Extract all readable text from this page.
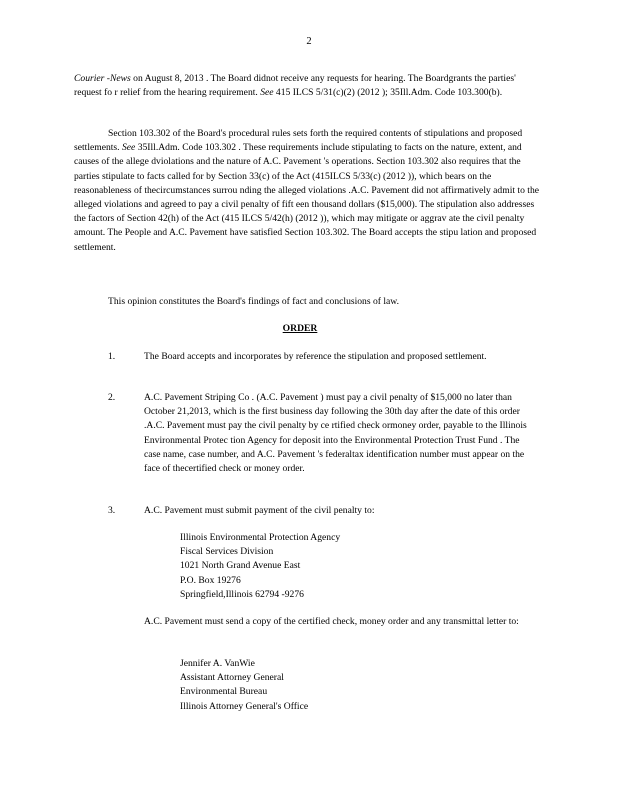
2
Courier -News on August 8, 2013 . The Board didnot receive any requests for hearing. The Boardgrants the parties' request fo r relief from the hearing requirement. See 415 ILCS 5/31(c)(2) (2012 ); 35Ill.Adm. Code 103.300(b).
Section 103.302 of the Board's procedural rules sets forth the required contents of stipulations and proposed settlements. See 35Ill.Adm. Code 103.302 . These requirements include stipulating to facts on the nature, extent, and causes of the allege dviolations and the nature of A.C. Pavement 's operations. Section 103.302 also requires that the parties stipulate to facts called for by Section 33(c) of the Act (415ILCS 5/33(c) (2012 )), which bears on the reasonableness of thecircumstances surrou nding the alleged violations .A.C. Pavement did not affirmatively admit to the alleged violations and agreed to pay a civil penalty of fift een thousand dollars ($15,000). The stipulation also addresses the factors of Section 42(h) of the Act (415 ILCS 5/42(h) (2012 )), which may mitigate or aggrav ate the civil penalty amount. The People and A.C. Pavement have satisfied Section 103.302. The Board accepts the stipu lation and proposed settlement.
This opinion constitutes the Board's findings of fact and conclusions of law.
ORDER
1.	The Board accepts and incorporates by reference the stipulation and proposed settlement.
2.	A.C. Pavement Striping Co . (A.C. Pavement ) must pay a civil penalty of $15,000 no later than October 21,2013, which is the first business day following the 30th day after the date of this order .A.C. Pavement must pay the civil penalty by ce rtified check ormoney order, payable to the Illinois Environmental Protec tion Agency for deposit into the Environmental Protection Trust Fund . The case name, case number, and A.C. Pavement 's federaltax identification number must appear on the face of thecertified check or money order.
3.	A.C. Pavement must submit payment of the civil penalty to:
Illinois Environmental Protection Agency
Fiscal Services Division
1021 North Grand Avenue East
P.O. Box 19276
Springfield,Illinois 62794 -9276
A.C. Pavement must send a copy of the certified check, money order and any transmittal letter to:
Jennifer A. VanWie
Assistant Attorney General
Environmental Bureau
Illinois Attorney General's Office
